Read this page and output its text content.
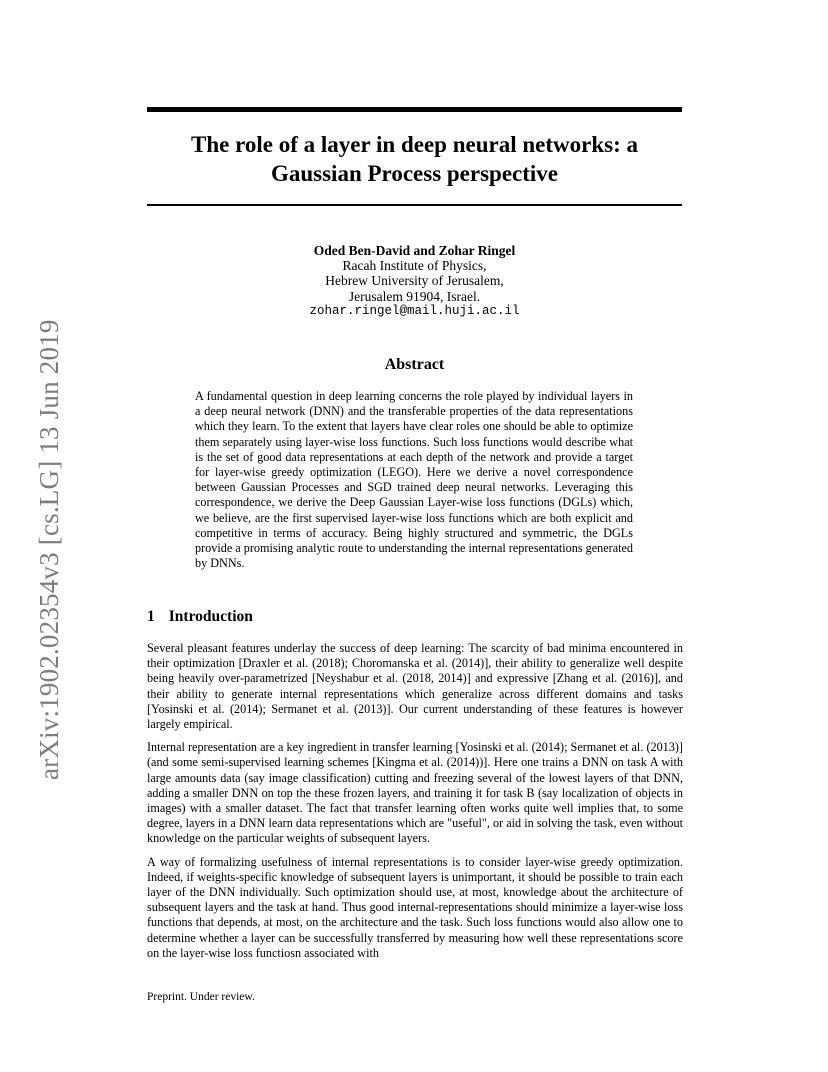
arXiv:1902.02354v3 [cs.LG] 13 Jun 2019
The role of a layer in deep neural networks: a
Gaussian Process perspective
Oded Ben-David and Zohar Ringel
Racah Institute of Physics,
Hebrew University of Jerusalem,
Jerusalem 91904, Israel.
zohar.ringel@mail.huji.ac.il
Abstract
A fundamental question in deep learning concerns the role played by individual layers in a deep neural network (DNN) and the transferable properties of the data representations which they learn. To the extent that layers have clear roles one should be able to optimize them separately using layer-wise loss functions. Such loss functions would describe what is the set of good data representations at each depth of the network and provide a target for layer-wise greedy optimization (LEGO). Here we derive a novel correspondence between Gaussian Processes and SGD trained deep neural networks. Leveraging this correspondence, we derive the Deep Gaussian Layer-wise loss functions (DGLs) which, we believe, are the first supervised layer-wise loss functions which are both explicit and competitive in terms of accuracy. Being highly structured and symmetric, the DGLs provide a promising analytic route to understanding the internal representations generated by DNNs.
1 Introduction

Several pleasant features underlay the success of deep learning: The scarcity of bad minima encountered in their optimization [Draxler et al. (2018); Choromanska et al. (2014)], their ability to generalize well despite being heavily over-parametrized [Neyshabur et al. (2018, 2014)] and expressive [Zhang et al. (2016)], and their ability to generate internal representations which generalize across different domains and tasks [Yosinski et al. (2014); Sermanet et al. (2013)]. Our current understanding of these features is however largely empirical.

Internal representation are a key ingredient in transfer learning [Yosinski et al. (2014); Sermanet et al. (2013)] (and some semi-supervised learning schemes [Kingma et al. (2014))]. Here one trains a DNN on task A with large amounts data (say image classification) cutting and freezing several of the lowest layers of that DNN, adding a smaller DNN on top the these frozen layers, and training it for task B (say localization of objects in images) with a smaller dataset. The fact that transfer learning often works quite well implies that, to some degree, layers in a DNN learn data representations which are "useful", or aid in solving the task, even without knowledge on the particular weights of subsequent layers.

A way of formalizing usefulness of internal representations is to consider layer-wise greedy optimization. Indeed, if weights-specific knowledge of subsequent layers is unimportant, it should be possible to train each layer of the DNN individually. Such optimization should use, at most, knowledge about the architecture of subsequent layers and the task at hand. Thus good internal-representations should minimize a layer-wise loss functions that depends, at most, on the architecture and the task. Such loss functions would also allow one to determine whether a layer can be successfully transferred by measuring how well these representations score on the layer-wise loss functiosn associated with

Preprint. Under review.
